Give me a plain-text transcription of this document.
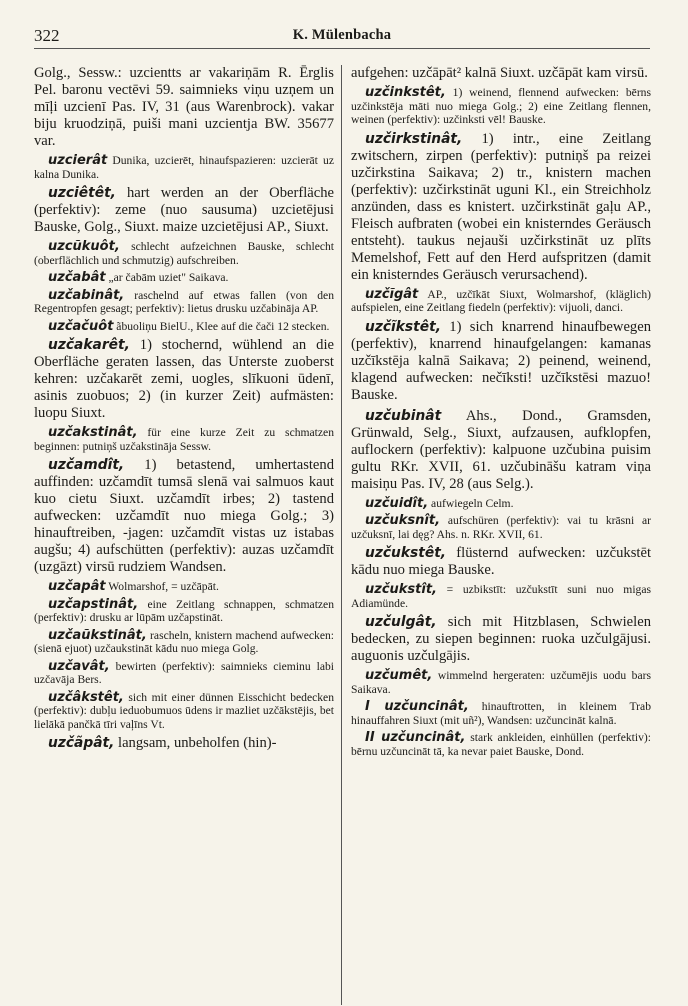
322	K. Mülenbacha

Golg., Sessw.: uzcientts ar vakariņām R. Ērglis Pel. baronu vectēvi 59. saimnieks viņu uzņem un mīļi uzcienī Pas. IV, 31 (aus Warenbrock). vakar biju kruodziņā, puiši mani uzcientja BW. 35677 var.

uzcierât Dunika, uzcierēt, hinaufspazieren: uzcierāt uz kalna Dunika.

uzciêtêt, hart werden an der Oberfläche (perfektiv): zeme (nuo sausuma) uzcietējusi Bauske, Golg., Siuxt. maize uzcietējusi AP., Siuxt.

uzcũkuôt, schlecht aufzeichnen Bauske, schlecht (oberflächlich und schmutzig) aufschreiben.

uzčabât „ar čabām uziet" Saikava.

uzčabinât, raschelnd auf etwas fallen (von den Regentropfen gesagt; perfektiv): lietus drusku uzčabināja AP.

uzčačuôt ãbuoliņu BielU., Klee auf die čači 12 stecken.

uzčakarêt, 1) stochernd, wühlend an die Oberfläche geraten lassen, das Unterste zuoberst kehren: uzčakarēt zemi, uogles, slīkuoni ūdenī, asinis zuobuos; 2) (in kurzer Zeit) aufmästen: luopu Siuxt.

uzčakstinât, für eine kurze Zeit zu schmatzen beginnen: putniņš uzčakstināja Sessw.

uzčamdît, 1) betastend, umhertastend auffinden: uzčamdīt tumsā slenā vai salmuos kaut kuo cietu Siuxt. uzčamdīt irbes; 2) tastend aufwecken: uzčamdīt nuo miega Golg.; 3) hinauftreiben, -jagen: uzčamdīt vistas uz istabas augšu; 4) aufschütten (perfektiv): auzas uzčamdīt (uzgāzt) virsū rudziem Wandsen.

uzčapât Wolmarshof, = uzčāpāt.

uzčapstinât, eine Zeitlang schnappen, schmatzen (perfektiv): drusku ar lūpām uzčapstināt.

uzčaũkstinât, rascheln, knistern machend aufwecken: (sienā ejuot) uzčaukstināt kādu nuo miega Golg.

uzčavât, bewirten (perfektiv): saimnieks cieminu labi uzčavāja Bers.

uzčâkstêt, sich mit einer dünnen Eisschicht bedecken (perfektiv): dubļu ieduobumuos ūdens ir mazliet uzčākstējis, bet lielākā pančkā tīri vaļīns Vt.

uzčãpât, langsam, unbeholfen (hin)-

aufgehen: uzčāpāt² kalnā Siuxt. uzčāpāt kam virsū.

uzčinkstêt, 1) weinend, flennend aufwecken: bērns uzčinkstēja māti nuo miega Golg.; 2) eine Zeitlang flennen, weinen (perfektiv): uzčinksti vēl! Bauske.

uzčirkstinât, 1) intr., eine Zeitlang zwitschern, zirpen (perfektiv): putniņš pa reizei uzčirkstina Saikava; 2) tr., knistern machen (perfektiv): uzčirkstināt uguni Kl., ein Streichholz anzünden, dass es knistert. uzčirkstināt gaļu AP., Fleisch aufbraten (wobei ein knisterndes Geräusch entsteht). taukus nejauši uzčirkstināt uz plīts Memelshof, Fett auf den Herd aufspritzen (damit ein knisterndes Geräusch verursachend).

uzčĩgât AP., uzčīkāt Siuxt, Wolmarshof, (kläglich) aufspielen, eine Zeitlang fiedeln (perfektiv): vijuoli, danci.

uzčĩkstêt, 1) sich knarrend hinaufbewegen (perfektiv), knarrend hinaufgelangen: kamanas uzčīkstēja kalnā Saikava; 2) peinend, weinend, klagend aufwecken: nečīksti! uzčīkstēsi mazuo! Bauske.

uzčubinât Ahs., Dond., Gramsden, Grünwald, Selg., Siuxt, aufzausen, aufklopfen, auflockern (perfektiv): kalpuone uzčubina puisim gultu RKr. XVII, 61. uzčubināšu katram viņa maisiņu Pas. IV, 28 (aus Selg.).

uzčuidît, aufwiegeln Celm.

uzčuksnît, aufschüren (perfektiv): vai tu krāsni ar uzčuksnī, lai dęg? Ahs. n. RKr. XVII, 61.

uzčukstêt, flüsternd aufwecken: uzčukstēt kādu nuo miega Bauske.

uzčukstît, = uzbikstīt: uzčukstīt suni nuo migas Adiamünde.

uzčulgât, sich mit Hitzblasen, Schwielen bedecken, zu siepen beginnen: ruoka uzčulgājusi. auguonis uzčulgājis.

uzčumêt, wimmelnd hergeraten: uzčumējis uodu bars Saikava.

I uzčuncinât, hinauftrotten, in kleinem Trab hinauffahren Siuxt (mit uñ²), Wandsen: uzčuncināt kalnā.

II uzčuncinât, stark ankleiden, einhüllen (perfektiv): bērnu uzčuncināt tā, ka nevar paiet Bauske, Dond.
